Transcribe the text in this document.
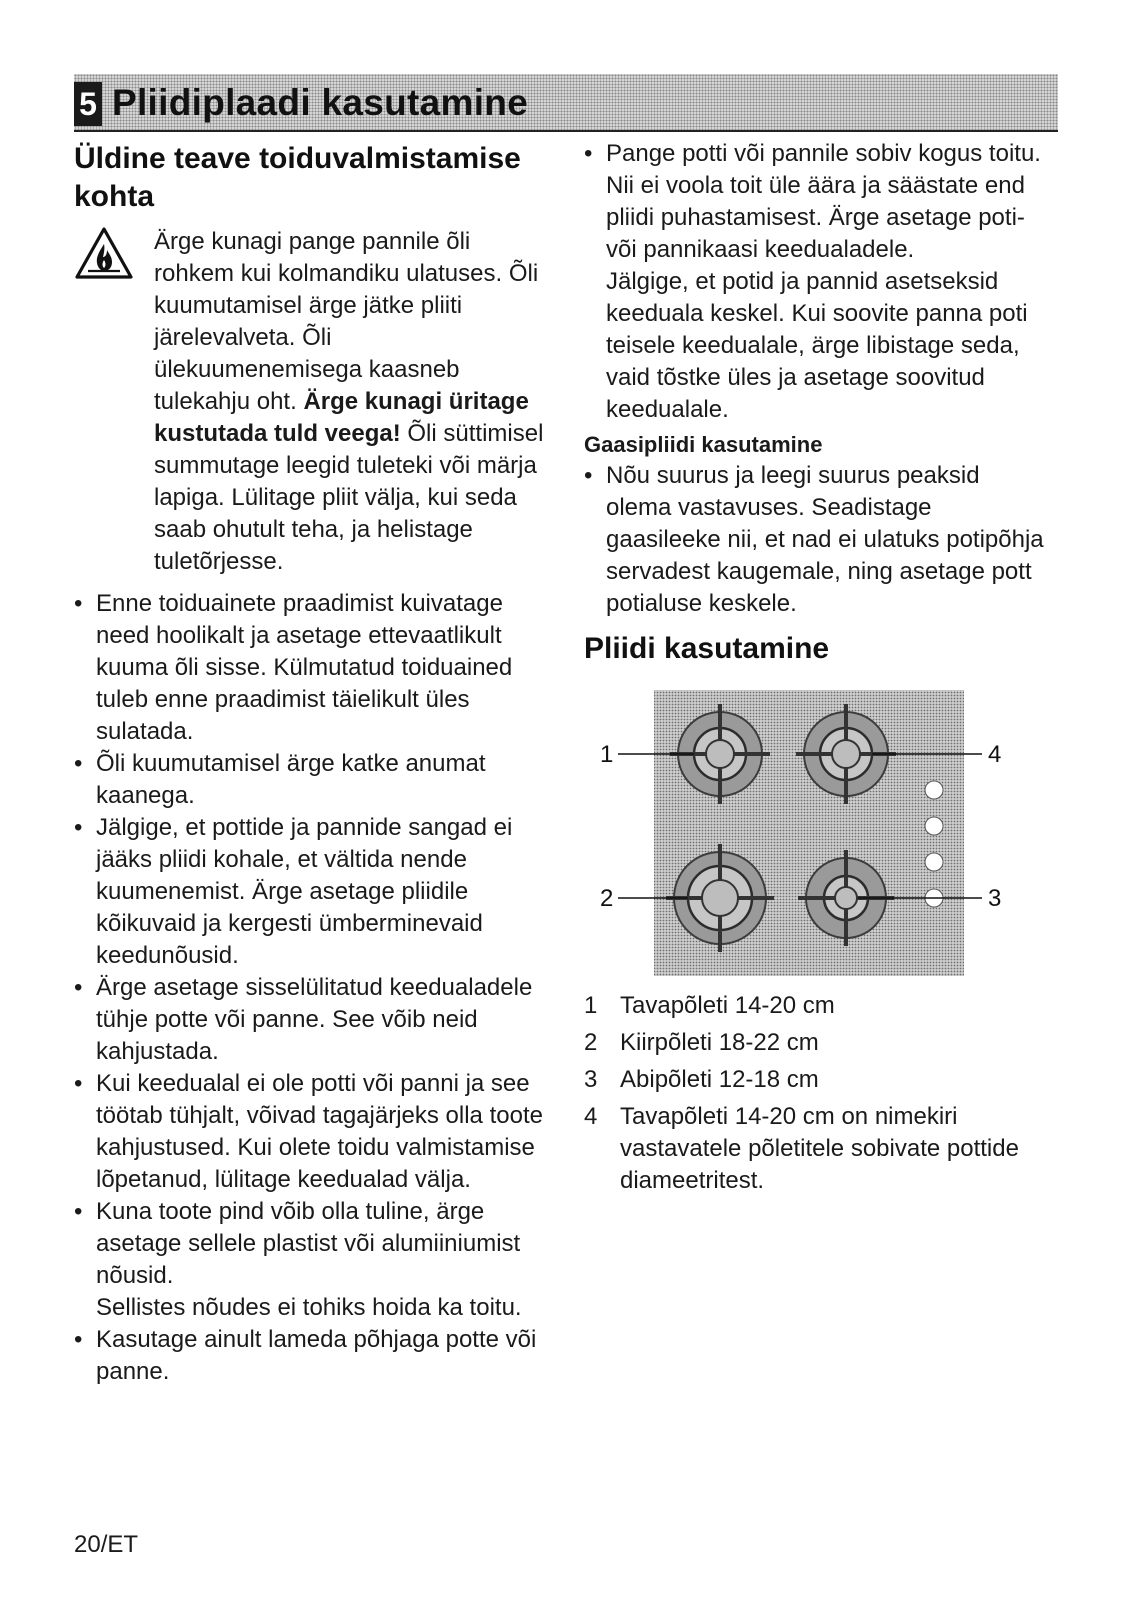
5 Pliidiplaadi kasutamine
Üldine teave toiduvalmistamise kohta

Ärge kunagi pange pannile õli rohkem kui kolmandiku ulatuses. Õli kuumutamisel ärge jätke pliiti järelevalveta. Õli ülekuumenemisega kaasneb tulekahju oht. Ärge kunagi üritage kustutada tuld veega! Õli süttimisel summutage leegid tuleteki või märja lapiga. Lülitage pliit välja, kui seda saab ohutult teha, ja helistage tuletõrjesse.

• Enne toiduainete praadimist kuivatage need hoolikalt ja asetage ettevaatlikult kuuma õli sisse. Külmutatud toiduained tuleb enne praadimist täielikult üles sulatada.
• Õli kuumutamisel ärge katke anumat kaanega.
• Jälgige, et pottide ja pannide sangad ei jääks pliidi kohale, et vältida nende kuumenemist. Ärge asetage pliidile kõikuvaid ja kergesti ümberminevaid keedunõusid.
• Ärge asetage sisselülitatud keedualadele tühje potte või panne. See võib neid kahjustada.
• Kui keedualal ei ole potti või panni ja see töötab tühjalt, võivad tagajärjeks olla toote kahjustused. Kui olete toidu valmistamise lõpetanud, lülitage keedualad välja.
• Kuna toote pind võib olla tuline, ärge asetage sellele plastist või alumiiniumist nõusid.
Sellistes nõudes ei tohiks hoida ka toitu.
• Kasutage ainult lameda põhjaga potte või panne.
• Pange potti või pannile sobiv kogus toitu. Nii ei voola toit üle äära ja säästate end pliidi puhastamisest. Ärge asetage poti- või pannikaasi keedualadele.
Jälgige, et potid ja pannid asetseksid keeduala keskel. Kui soovite panna poti teisele keedualale, ärge libistage seda, vaid tõstke üles ja asetage soovitud keedualale.
Gaasipliidi kasutamine
• Nõu suurus ja leegi suurus peaksid olema vastavuses. Seadistage gaasileeke nii, et nad ei ulatuks potipõhja servadest kaugemale, ning asetage pott potialuse keskele.
Pliidi kasutamine
1	4
2	3
1 Tavapõleti 14-20 cm
2 Kiirpõleti 18-22 cm
3 Abipõleti 12-18 cm
4 Tavapõleti 14-20 cm on nimekiri vastavatele põletitele sobivate pottide diameetritest.
20/ET
